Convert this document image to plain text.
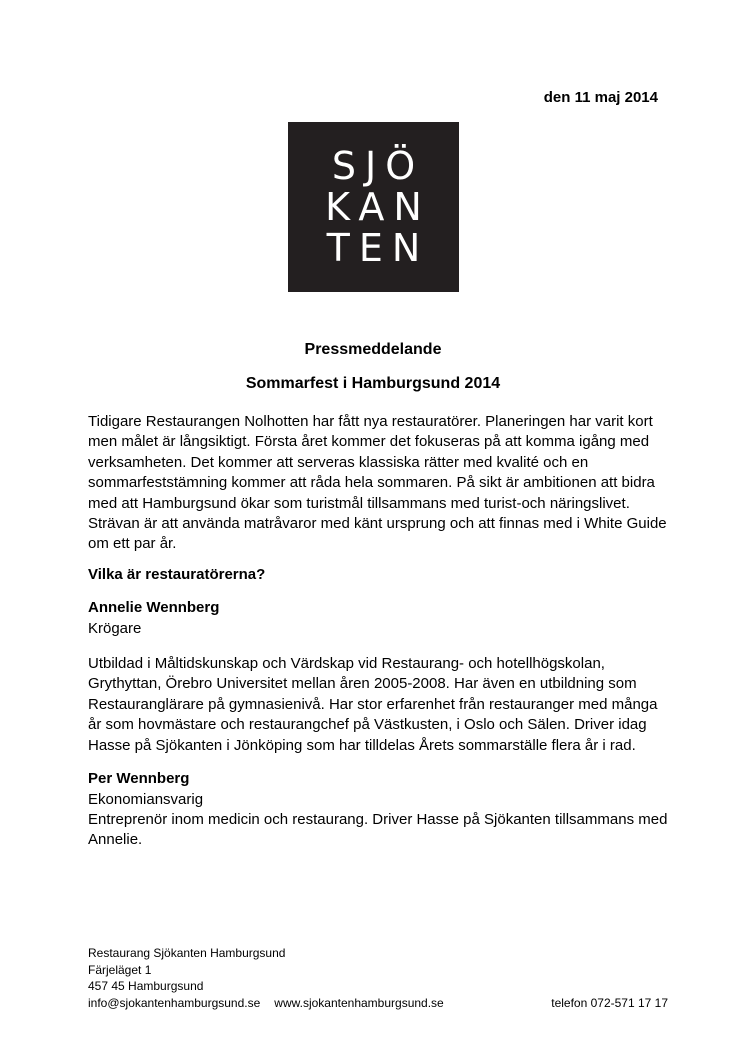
den 11 maj 2014
SJÖ
KAN
TEN
Pressmeddelande
Sommarfest i Hamburgsund 2014

Tidigare Restaurangen Nolhotten har fått nya restauratörer. Planeringen har varit kort men målet är långsiktigt. Första året kommer det fokuseras på att komma igång med verksamheten. Det kommer att serveras klassiska rätter med kvalité och en sommarfeststämning kommer att råda hela sommaren. På sikt är ambitionen att bidra med att Hamburgsund ökar som turistmål tillsammans med turist-och näringslivet. Strävan är att använda matråvaror med känt ursprung och att finnas med i White Guide om ett par år.

Vilka är restauratörerna?

Annelie Wennberg

Krögare

Utbildad i Måltidskunskap och Värdskap vid Restaurang- och hotellhögskolan, Grythyttan, Örebro Universitet mellan åren 2005-2008. Har även en utbildning som Restauranglärare på gymnasienivå. Har stor erfarenhet från restauranger med många år som hovmästare och restaurangchef på Västkusten, i Oslo och Sälen. Driver idag Hasse på Sjökanten i Jönköping som har tilldelas Årets sommarställe flera år i rad.

Per Wennberg

Ekonomiansvarig

Entreprenör inom medicin och restaurang. Driver Hasse på Sjökanten tillsammans med Annelie.

Restaurang Sjökanten Hamburgsund
Färjeläget 1
457 45 Hamburgsund
info@sjokantenhamburgsund.se www.sjokantenhamburgsund.se	telefon 072-571 17 17
